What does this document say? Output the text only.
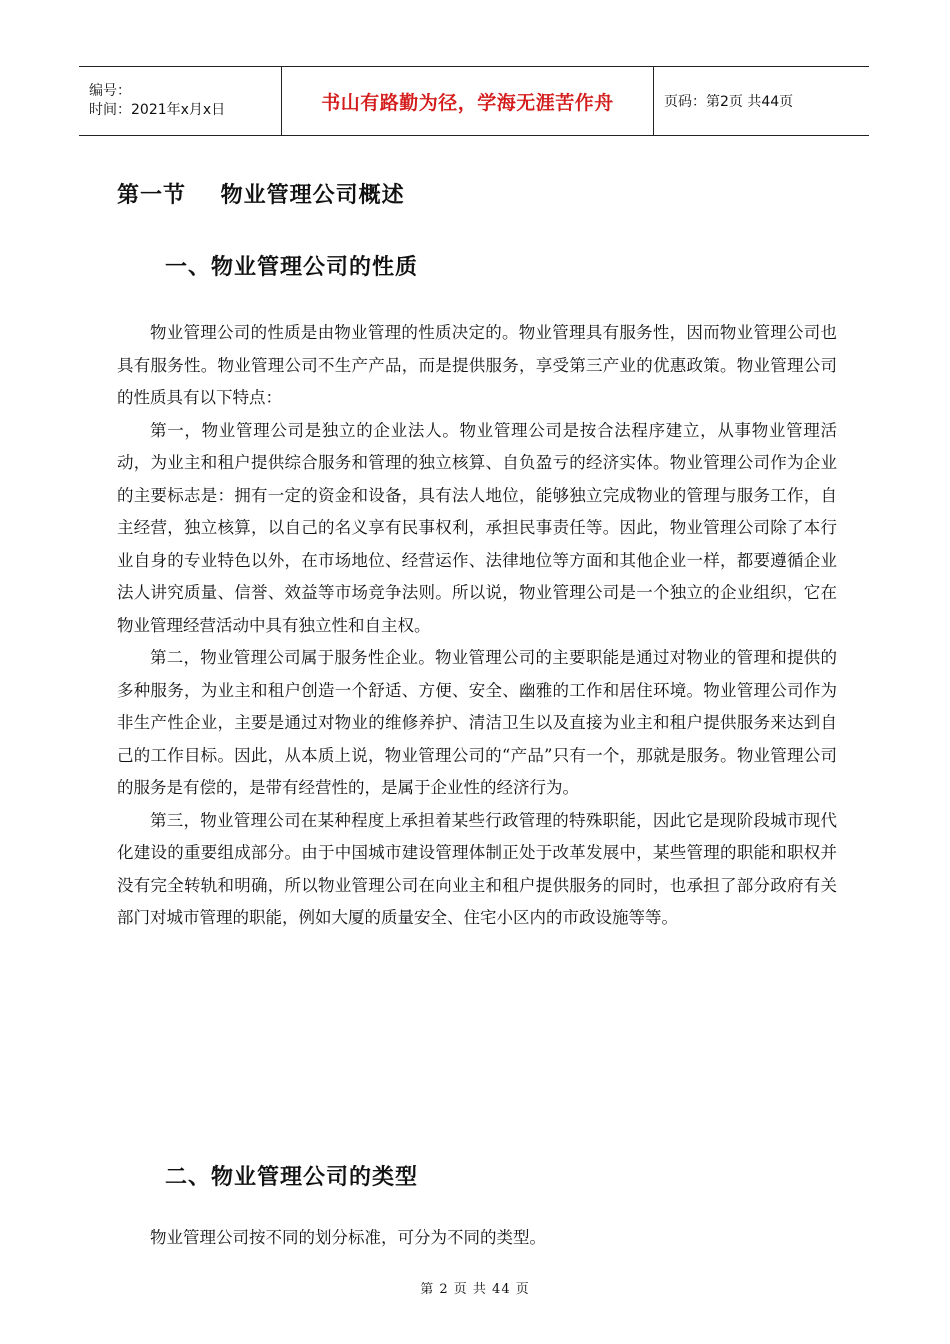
编号：
时间：2021年x月x日	书山有路勤为径，学海无涯苦作舟	页码：第2页 共44页
第一节    物业管理公司概述
一、物业管理公司的性质

物业管理公司的性质是由物业管理的性质决定的。物业管理具有服务性，因而物业管理公司也具有服务性。物业管理公司不生产产品，而是提供服务，享受第三产业的优惠政策。物业管理公司的性质具有以下特点：

第一，物业管理公司是独立的企业法人。物业管理公司是按合法程序建立，从事物业管理活动，为业主和租户提供综合服务和管理的独立核算、自负盈亏的经济实体。物业管理公司作为企业的主要标志是：拥有一定的资金和设备，具有法人地位，能够独立完成物业的管理与服务工作，自主经营，独立核算，以自己的名义享有民事权利，承担民事责任等。因此，物业管理公司除了本行业自身的专业特色以外，在市场地位、经营运作、法律地位等方面和其他企业一样，都要遵循企业法人讲究质量、信誉、效益等市场竞争法则。所以说，物业管理公司是一个独立的企业组织，它在物业管理经营活动中具有独立性和自主权。

第二，物业管理公司属于服务性企业。物业管理公司的主要职能是通过对物业的管理和提供的多种服务，为业主和租户创造一个舒适、方便、安全、幽雅的工作和居住环境。物业管理公司作为非生产性企业，主要是通过对物业的维修养护、清洁卫生以及直接为业主和租户提供服务来达到自己的工作目标。因此，从本质上说，物业管理公司的“产品”只有一个，那就是服务。物业管理公司的服务是有偿的，是带有经营性的，是属于企业性的经济行为。

第三，物业管理公司在某种程度上承担着某些行政管理的特殊职能，因此它是现阶段城市现代化建设的重要组成部分。由于中国城市建设管理体制正处于改革发展中，某些管理的职能和职权并没有完全转轨和明确，所以物业管理公司在向业主和租户提供服务的同时，也承担了部分政府有关部门对城市管理的职能，例如大厦的质量安全、住宅小区内的市政设施等等。

二、物业管理公司的类型

物业管理公司按不同的划分标准，可分为不同的类型。

第 2 页 共 44 页
